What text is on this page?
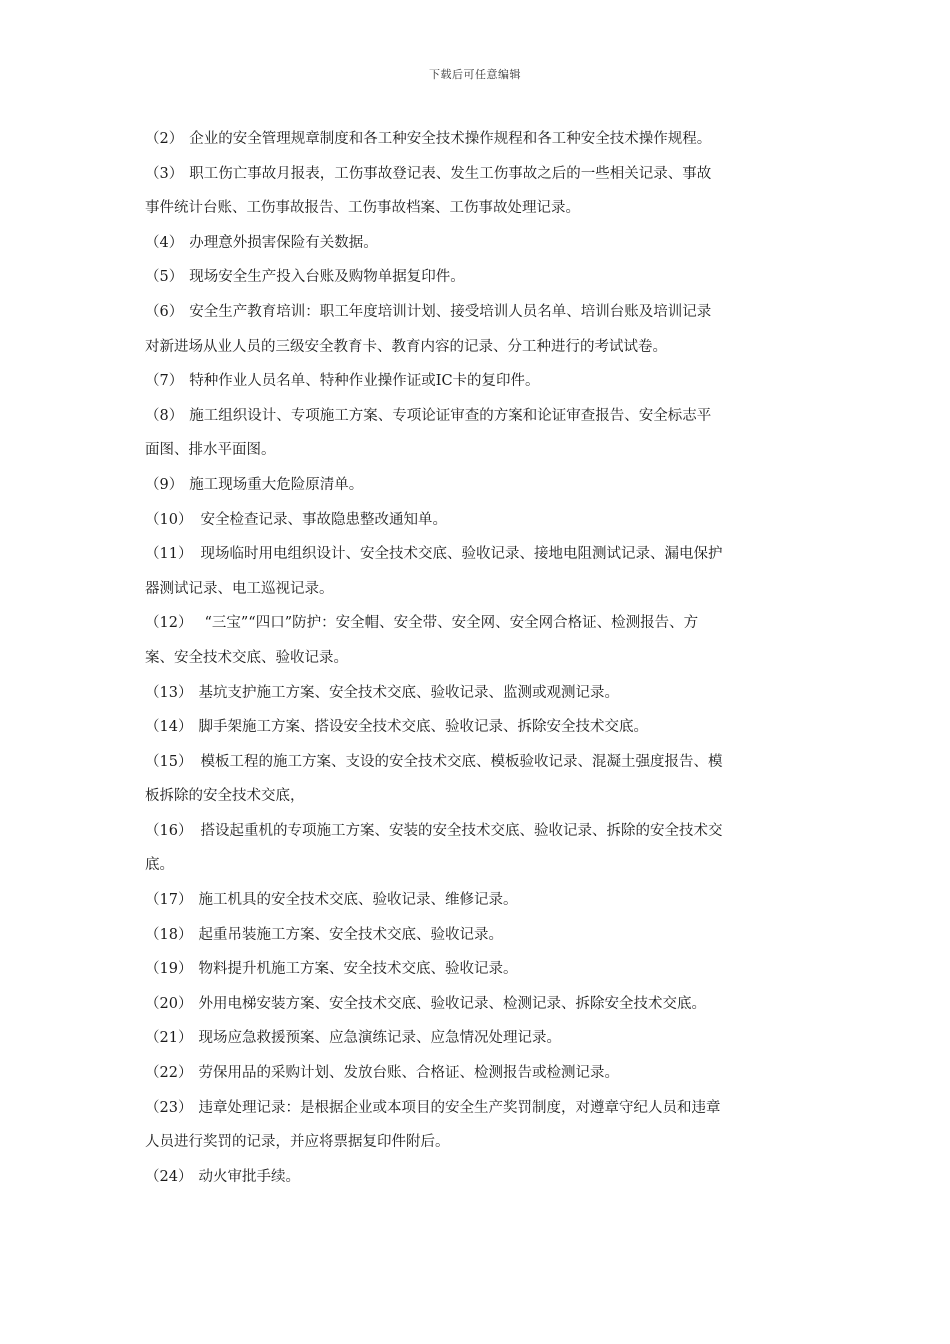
下载后可任意编辑
（2） 企业的安全管理规章制度和各工种安全技术操作规程和各工种安全技术操作规程。
（3） 职工伤亡事故月报表，工伤事故登记表、发生工伤事故之后的一些相关记录、事故
事件统计台账、工伤事故报告、工伤事故档案、工伤事故处理记录。
（4） 办理意外损害保险有关数据。
（5） 现场安全生产投入台账及购物单据复印件。
（6） 安全生产教育培训：职工年度培训计划、接受培训人员名单、培训台账及培训记录
对新进场从业人员的三级安全教育卡、教育内容的记录、分工种进行的考试试卷。
（7） 特种作业人员名单、特种作业操作证或IC卡的复印件。
（8） 施工组织设计、专项施工方案、专项论证审查的方案和论证审查报告、安全标志平
面图、排水平面图。
（9） 施工现场重大危险原清单。
（10） 安全检查记录、事故隐患整改通知单。
（11） 现场临时用电组织设计、安全技术交底、验收记录、接地电阻测试记录、漏电保护
器测试记录、电工巡视记录。
（12） “三宝”“四口”防护：安全帽、安全带、安全网、安全网合格证、检测报告、方
案、安全技术交底、验收记录。
（13） 基坑支护施工方案、安全技术交底、验收记录、监测或观测记录。
（14） 脚手架施工方案、搭设安全技术交底、验收记录、拆除安全技术交底。
（15） 模板工程的施工方案、支设的安全技术交底、模板验收记录、混凝土强度报告、模
板拆除的安全技术交底，
（16） 搭设起重机的专项施工方案、安装的安全技术交底、验收记录、拆除的安全技术交
底。
（17） 施工机具的安全技术交底、验收记录、维修记录。
（18） 起重吊装施工方案、安全技术交底、验收记录。
（19） 物料提升机施工方案、安全技术交底、验收记录。
（20） 外用电梯安装方案、安全技术交底、验收记录、检测记录、拆除安全技术交底。
（21） 现场应急救援预案、应急演练记录、应急情况处理记录。
（22） 劳保用品的采购计划、发放台账、合格证、检测报告或检测记录。
（23） 违章处理记录：是根据企业或本项目的安全生产奖罚制度，对遵章守纪人员和违章
人员进行奖罚的记录，并应将票据复印件附后。
（24） 动火审批手续。
